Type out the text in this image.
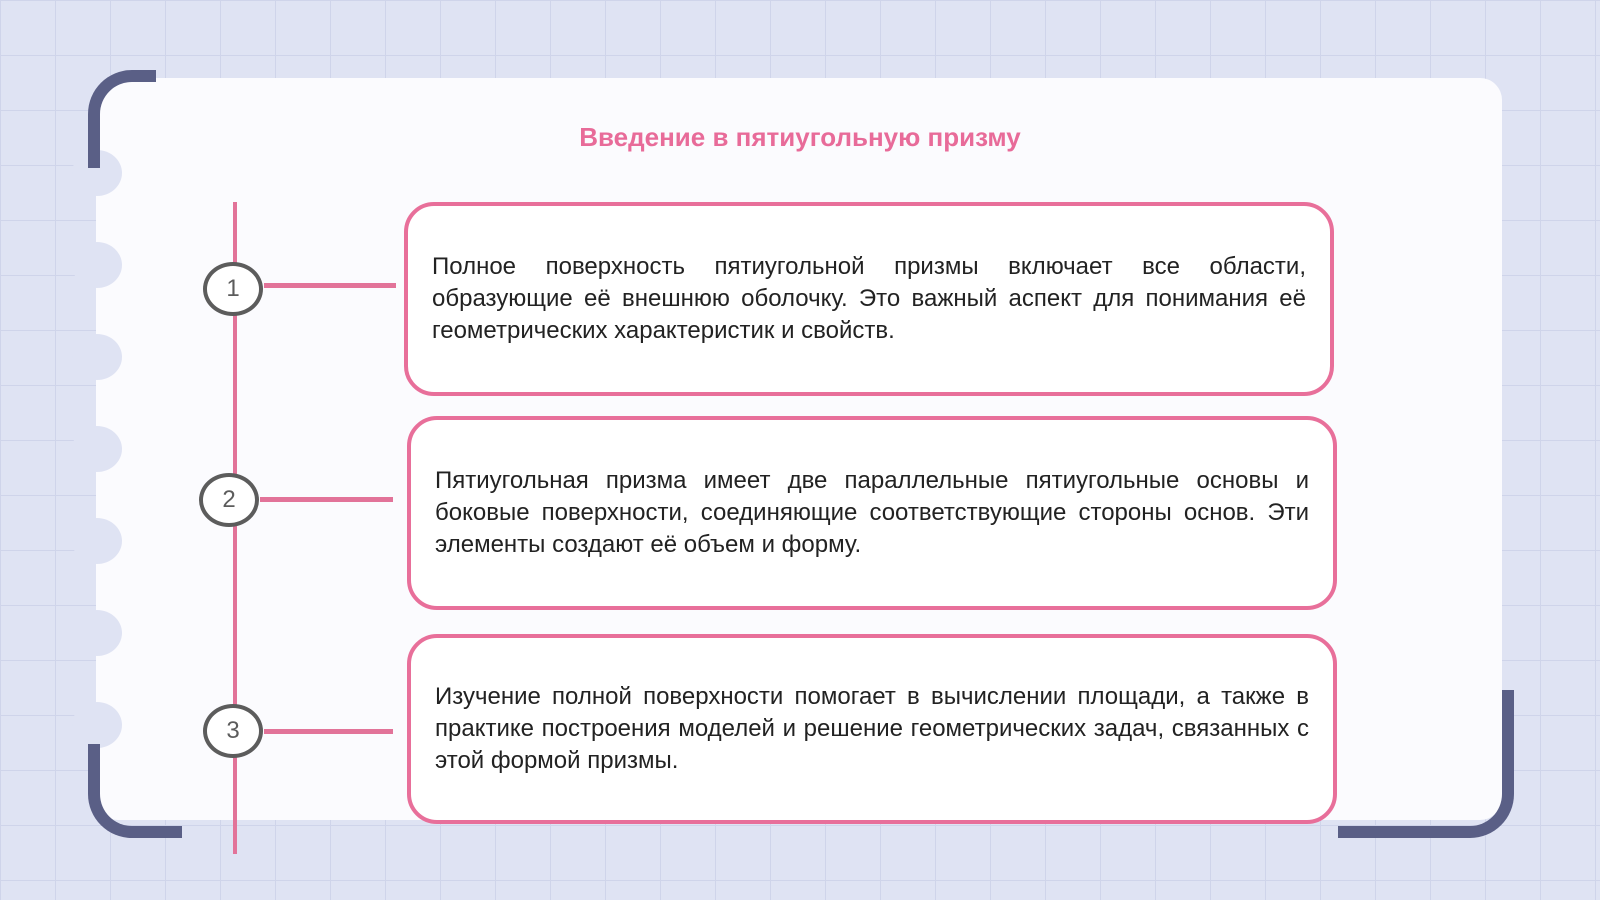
Введение в пятиугольную призму
1

Полное поверхность пятиугольной призмы включает все области, образующие её внешнюю оболочку. Это важный аспект для понимания её геометрических характеристик и свойств.

2

Пятиугольная призма имеет две параллельные пятиугольные основы и боковые поверхности, соединяющие соответствующие стороны основ. Эти элементы создают её объем и форму.

3

Изучение полной поверхности помогает в вычислении площади, а также в практике построения моделей и решение геометрических задач, связанных с этой формой призмы.
